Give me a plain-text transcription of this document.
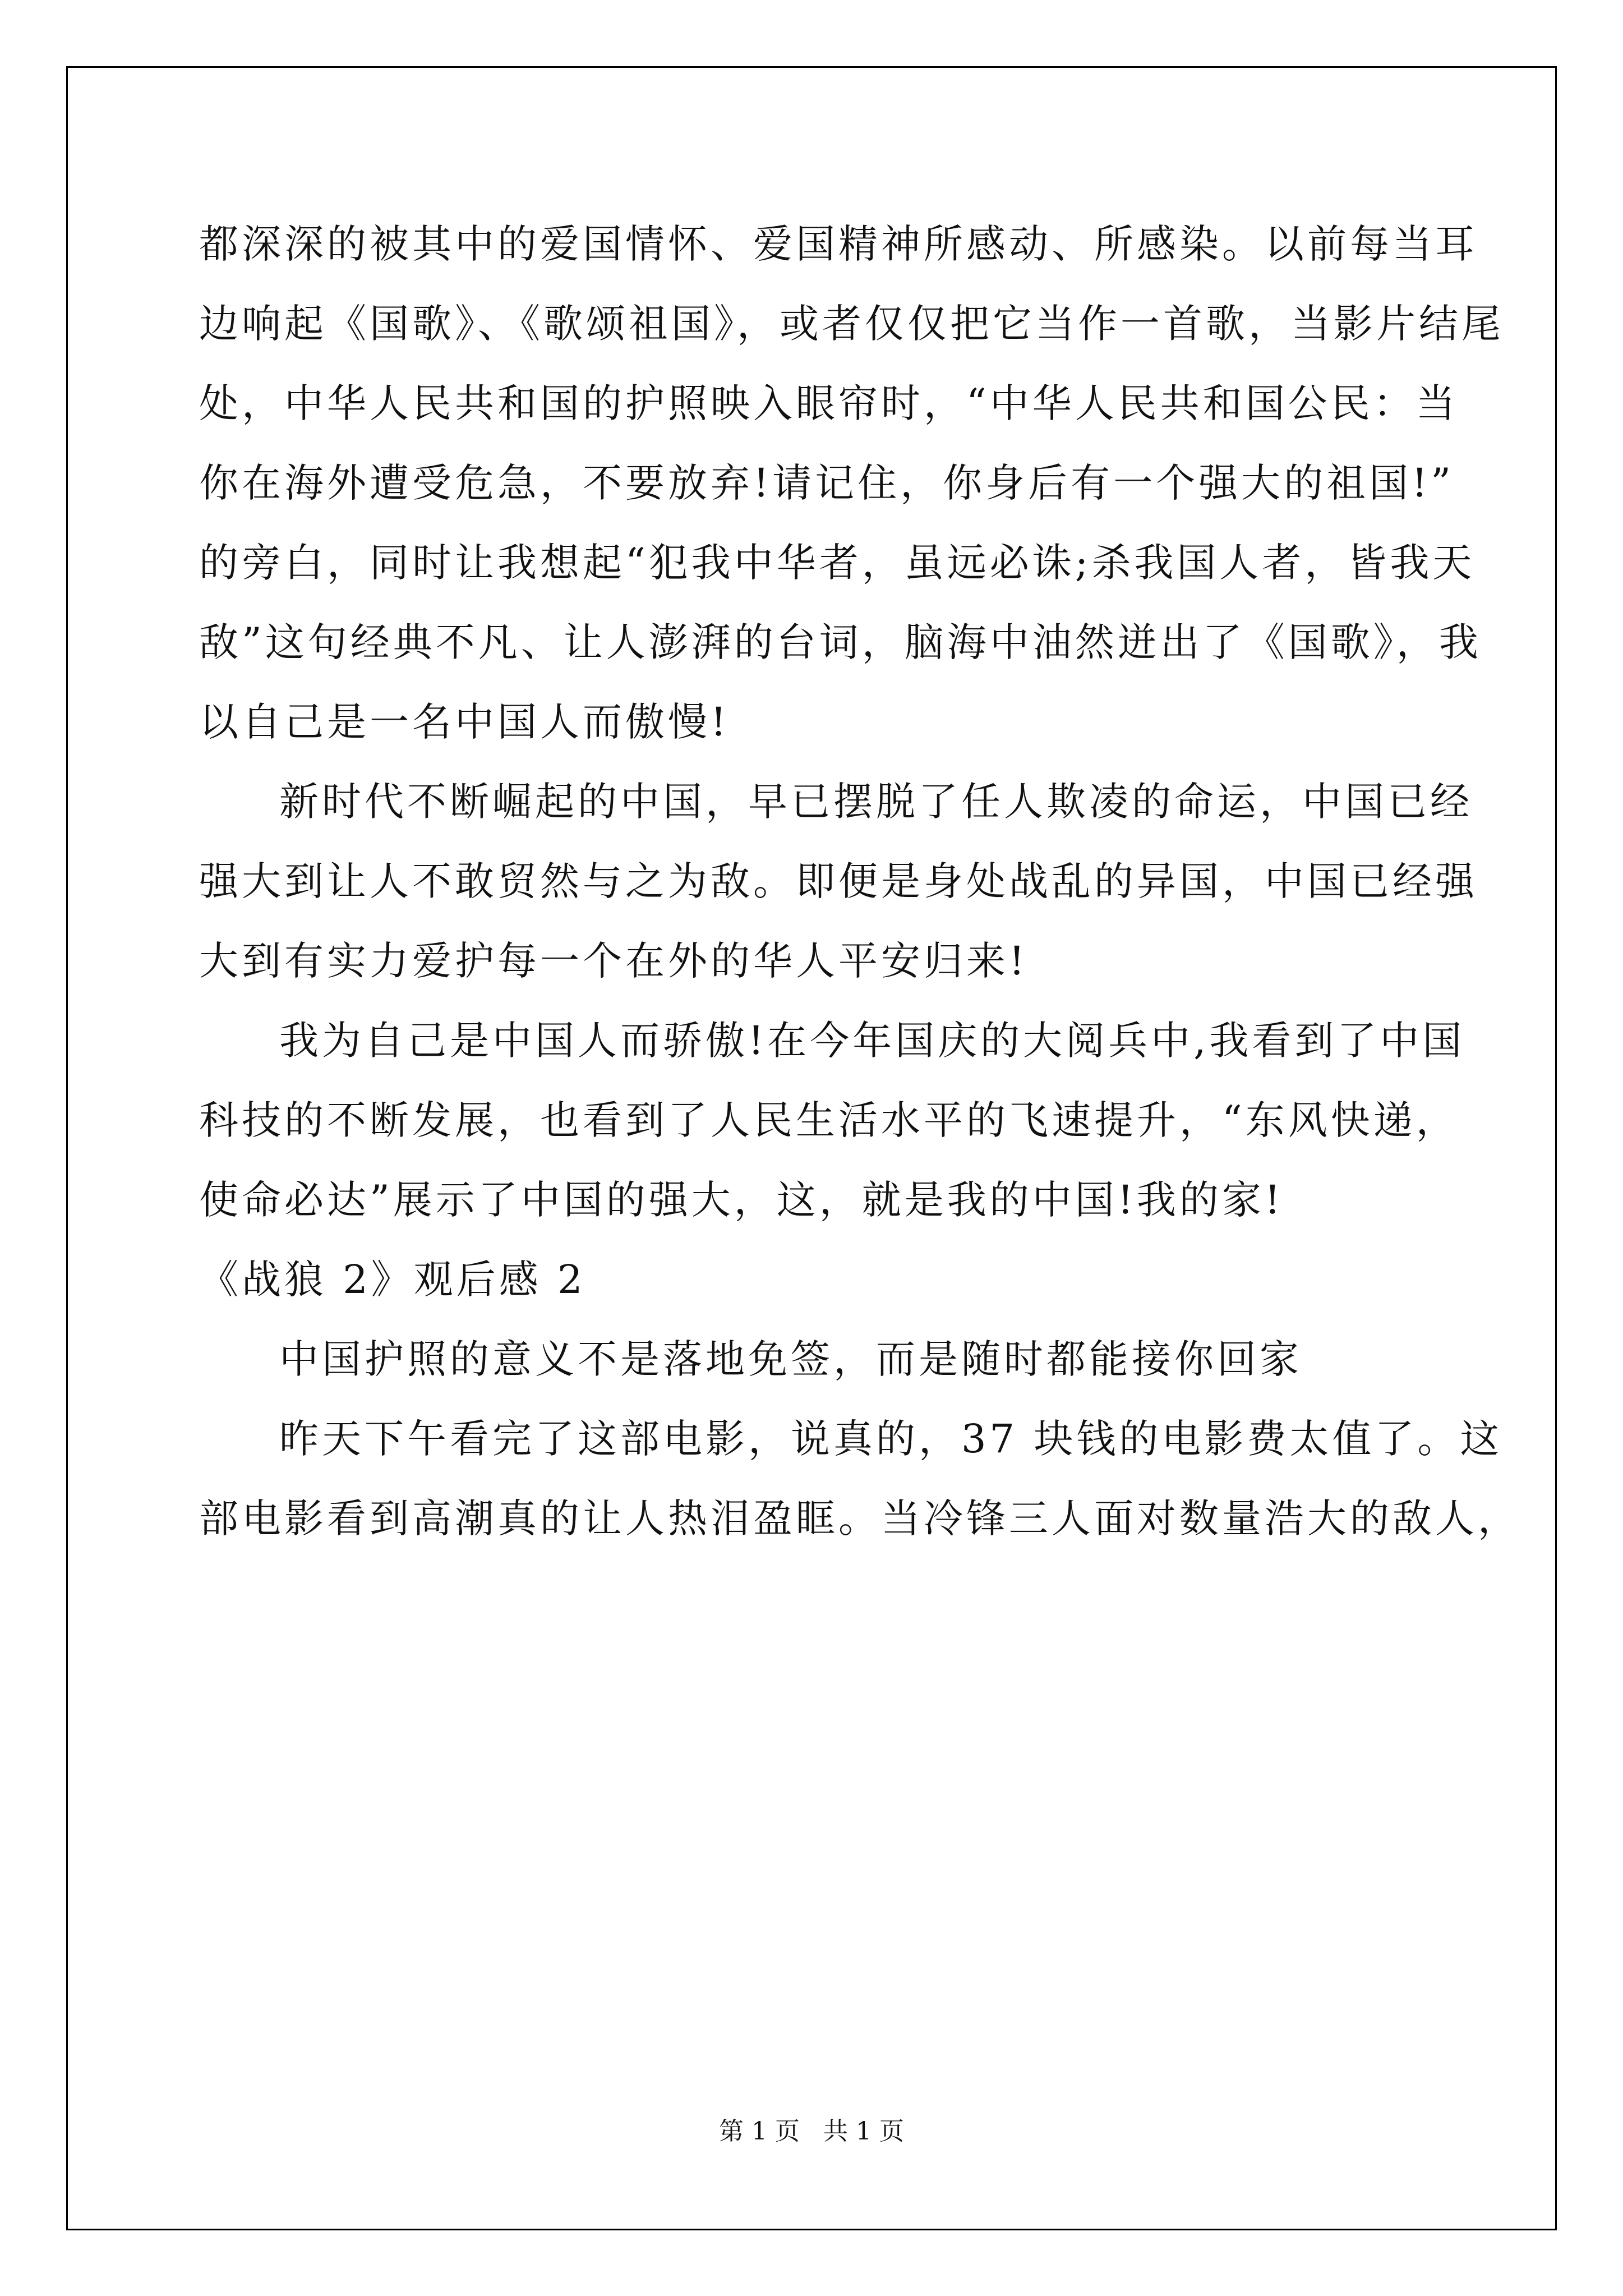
都深深的被其中的爱国情怀、爱国精神所感动、所感染。以前每当耳
边响起《国歌》、《歌颂祖国》，或者仅仅把它当作一首歌，当影片结尾
处，中华人民共和国的护照映入眼帘时，“中华人民共和国公民：当
你在海外遭受危急，不要放弃!请记住，你身后有一个强大的祖国!”
的旁白，同时让我想起“犯我中华者，虽远必诛;杀我国人者，皆我天
敌”这句经典不凡、让人澎湃的台词，脑海中油然迸出了《国歌》，我
以自己是一名中国人而傲慢!
新时代不断崛起的中国，早已摆脱了任人欺凌的命运，中国已经
强大到让人不敢贸然与之为敌。即便是身处战乱的异国，中国已经强
大到有实力爱护每一个在外的华人平安归来!
我为自己是中国人而骄傲!在今年国庆的大阅兵中,我看到了中国
科技的不断发展，也看到了人民生活水平的飞速提升，“东风快递，
使命必达”展示了中国的强大，这，就是我的中国!我的家!
《战狼 2》观后感 2
中国护照的意义不是落地免签，而是随时都能接你回家
昨天下午看完了这部电影，说真的，37 块钱的电影费太值了。这
部电影看到高潮真的让人热泪盈眶。当冷锋三人面对数量浩大的敌人，
第 1 页   共 1 页
